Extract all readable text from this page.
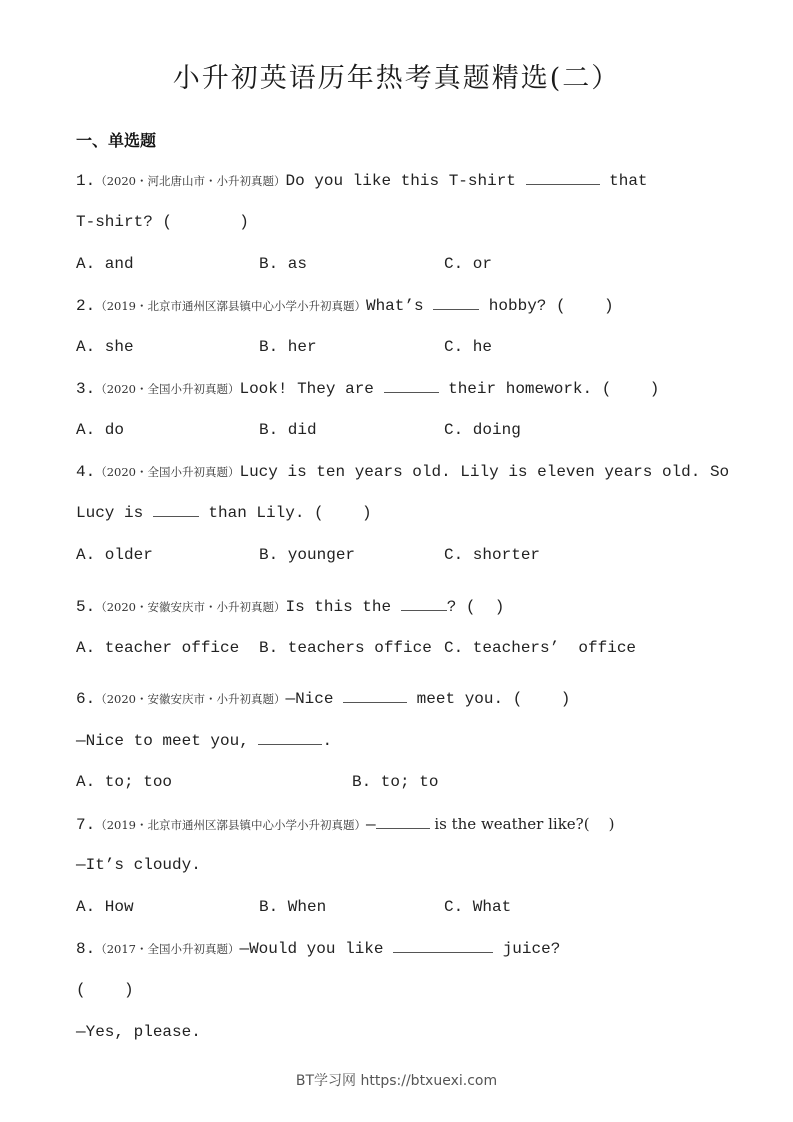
小升初英语历年热考真题精选(二）
一、单选题
1.（2020・河北唐山市・小升初真题）Do you like this T-shirt	that
T-shirt? (       )
A. and	B. as	C. or
2.（2019・北京市通州区漷县镇中心小学小升初真题）What’s	hobby? (    )
A. she	B. her	C. he
3.（2020・全国小升初真题）Look! They are	their homework. (    )
A. do	B. did	C. doing
4.（2020・全国小升初真题）Lucy is ten years old. Lily is eleven years old. So
Lucy is	than Lily. (    )
A. older	B. younger	C. shorter
5.（2020・安徽安庆市・小升初真题）Is this the	? (  )
A. teacher office B. teachers office C. teachers’  office
6.（2020・安徽安庆市・小升初真题）—Nice	meet you. (    )
—Nice to meet you,	.
A. to; too	B. to; to
7.（2019・北京市通州区漷县镇中心小学小升初真题）—	is the weather like?(    )
—It’s cloudy.
A. How	B. When	C. What
8.（2017・全国小升初真题）—Would you like	juice?
(    )
—Yes, please.
BT学习网 https://btxuexi.com
